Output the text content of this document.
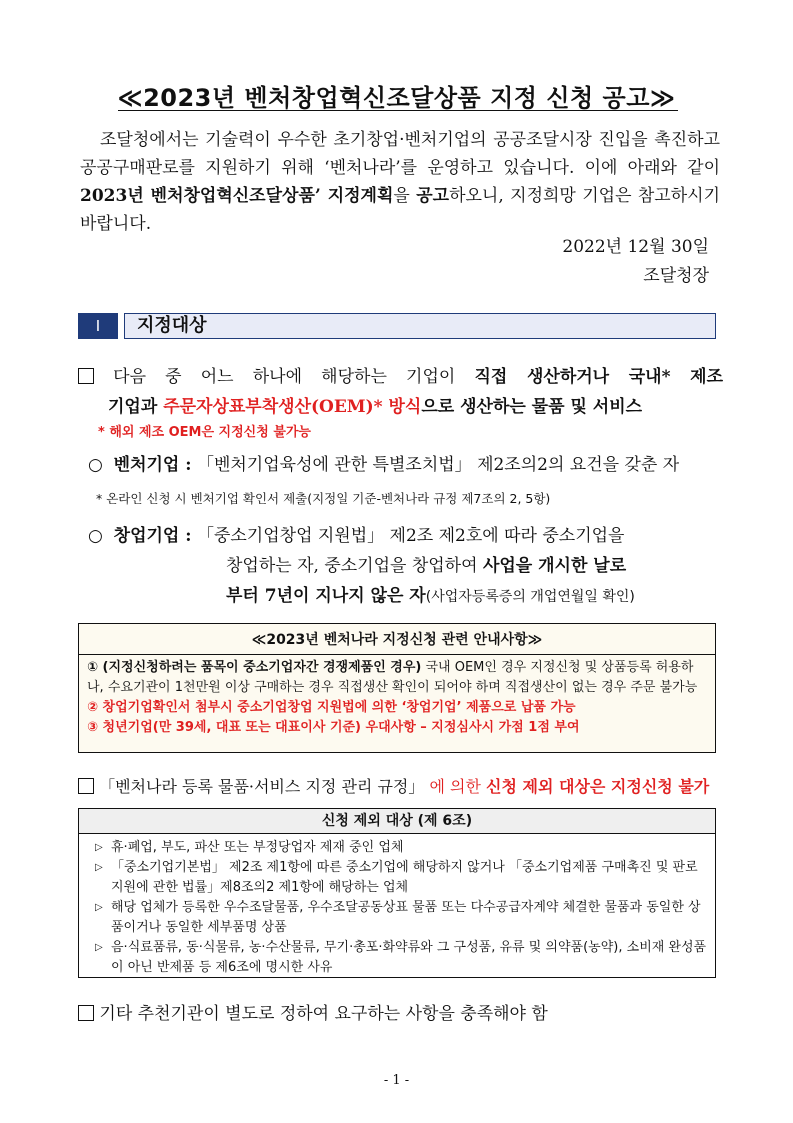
≪2023년 벤처창업혁신조달상품 지정 신청 공고≫
조달청에서는 기술력이 우수한 초기창업·벤처기업의 공공조달시장 진입을 촉진하고 공공구매판로를 지원하기 위해 ‘벤처나라’를 운영하고 있습니다. 이에 아래와 같이 2023년 벤처창업혁신조달상품’ 지정계획을 공고하오니, 지정희망 기업은 참고하시기 바랍니다.
2022년 12월 30일
조달청장
Ⅰ	지정대상
다음 중 어느 하나에 해당하는 기업이 직접 생산하거나 국내* 제조
기업과 주문자상표부착생산(OEM)* 방식으로 생산하는 물품 및 서비스
* 해외 제조 OEM은 지정신청 불가능
○ 벤처기업 : 「벤처기업육성에 관한 특별조치법」 제2조의2의 요건을 갖춘 자
* 온라인 신청 시 벤처기업 확인서 제출(지정일 기준-벤처나라 규정 제7조의 2, 5항)
○ 창업기업 : 「중소기업창업 지원법」 제2조 제2호에 따라 중소기업을
창업하는 자, 중소기업을 창업하여 사업을 개시한 날로
부터 7년이 지나지 않은 자(사업자등록증의 개업연월일 확인)
≪2023년 벤처나라 지정신청 관련 안내사항≫
① (지정신청하려는 품목이 중소기업자간 경쟁제품인 경우) 국내 OEM인 경우 지정신청 및 상품등록 허용하나, 수요기관이 1천만원 이상 구매하는 경우 직접생산 확인이 되어야 하며 직접생산이 없는 경우 주문 불가능
② 창업기업확인서 첨부시 중소기업창업 지원법에 의한 ‘창업기업’ 제품으로 납품 가능
③ 청년기업(만 39세, 대표 또는 대표이사 기준) 우대사항 – 지정심사시 가점 1점 부여
「벤처나라 등록 물품·서비스 지정 관리 규정」 에 의한 신청 제외 대상은 지정신청 불가
신청 제외 대상 (제 6조)
▷ 휴·폐업, 부도, 파산 또는 부정당업자 제재 중인 업체
▷ 「중소기업기본법」 제2조 제1항에 따른 중소기업에 해당하지 않거나 「중소기업제품 구매촉진 및 판로지원에 관한 법률」제8조의2 제1항에 해당하는 업체
▷ 해당 업체가 등록한 우수조달물품, 우수조달공동상표 물품 또는 다수공급자계약 체결한 물품과 동일한 상품이거나 동일한 세부품명 상품
▷ 음·식료품류, 동·식물류, 농·수산물류, 무기·총포·화약류와 그 구성품, 유류 및 의약품(농약), 소비재 완성품이 아닌 반제품 등 제6조에 명시한 사유
기타 추천기관이 별도로 정하여 요구하는 사항을 충족해야 함
- 1 -
